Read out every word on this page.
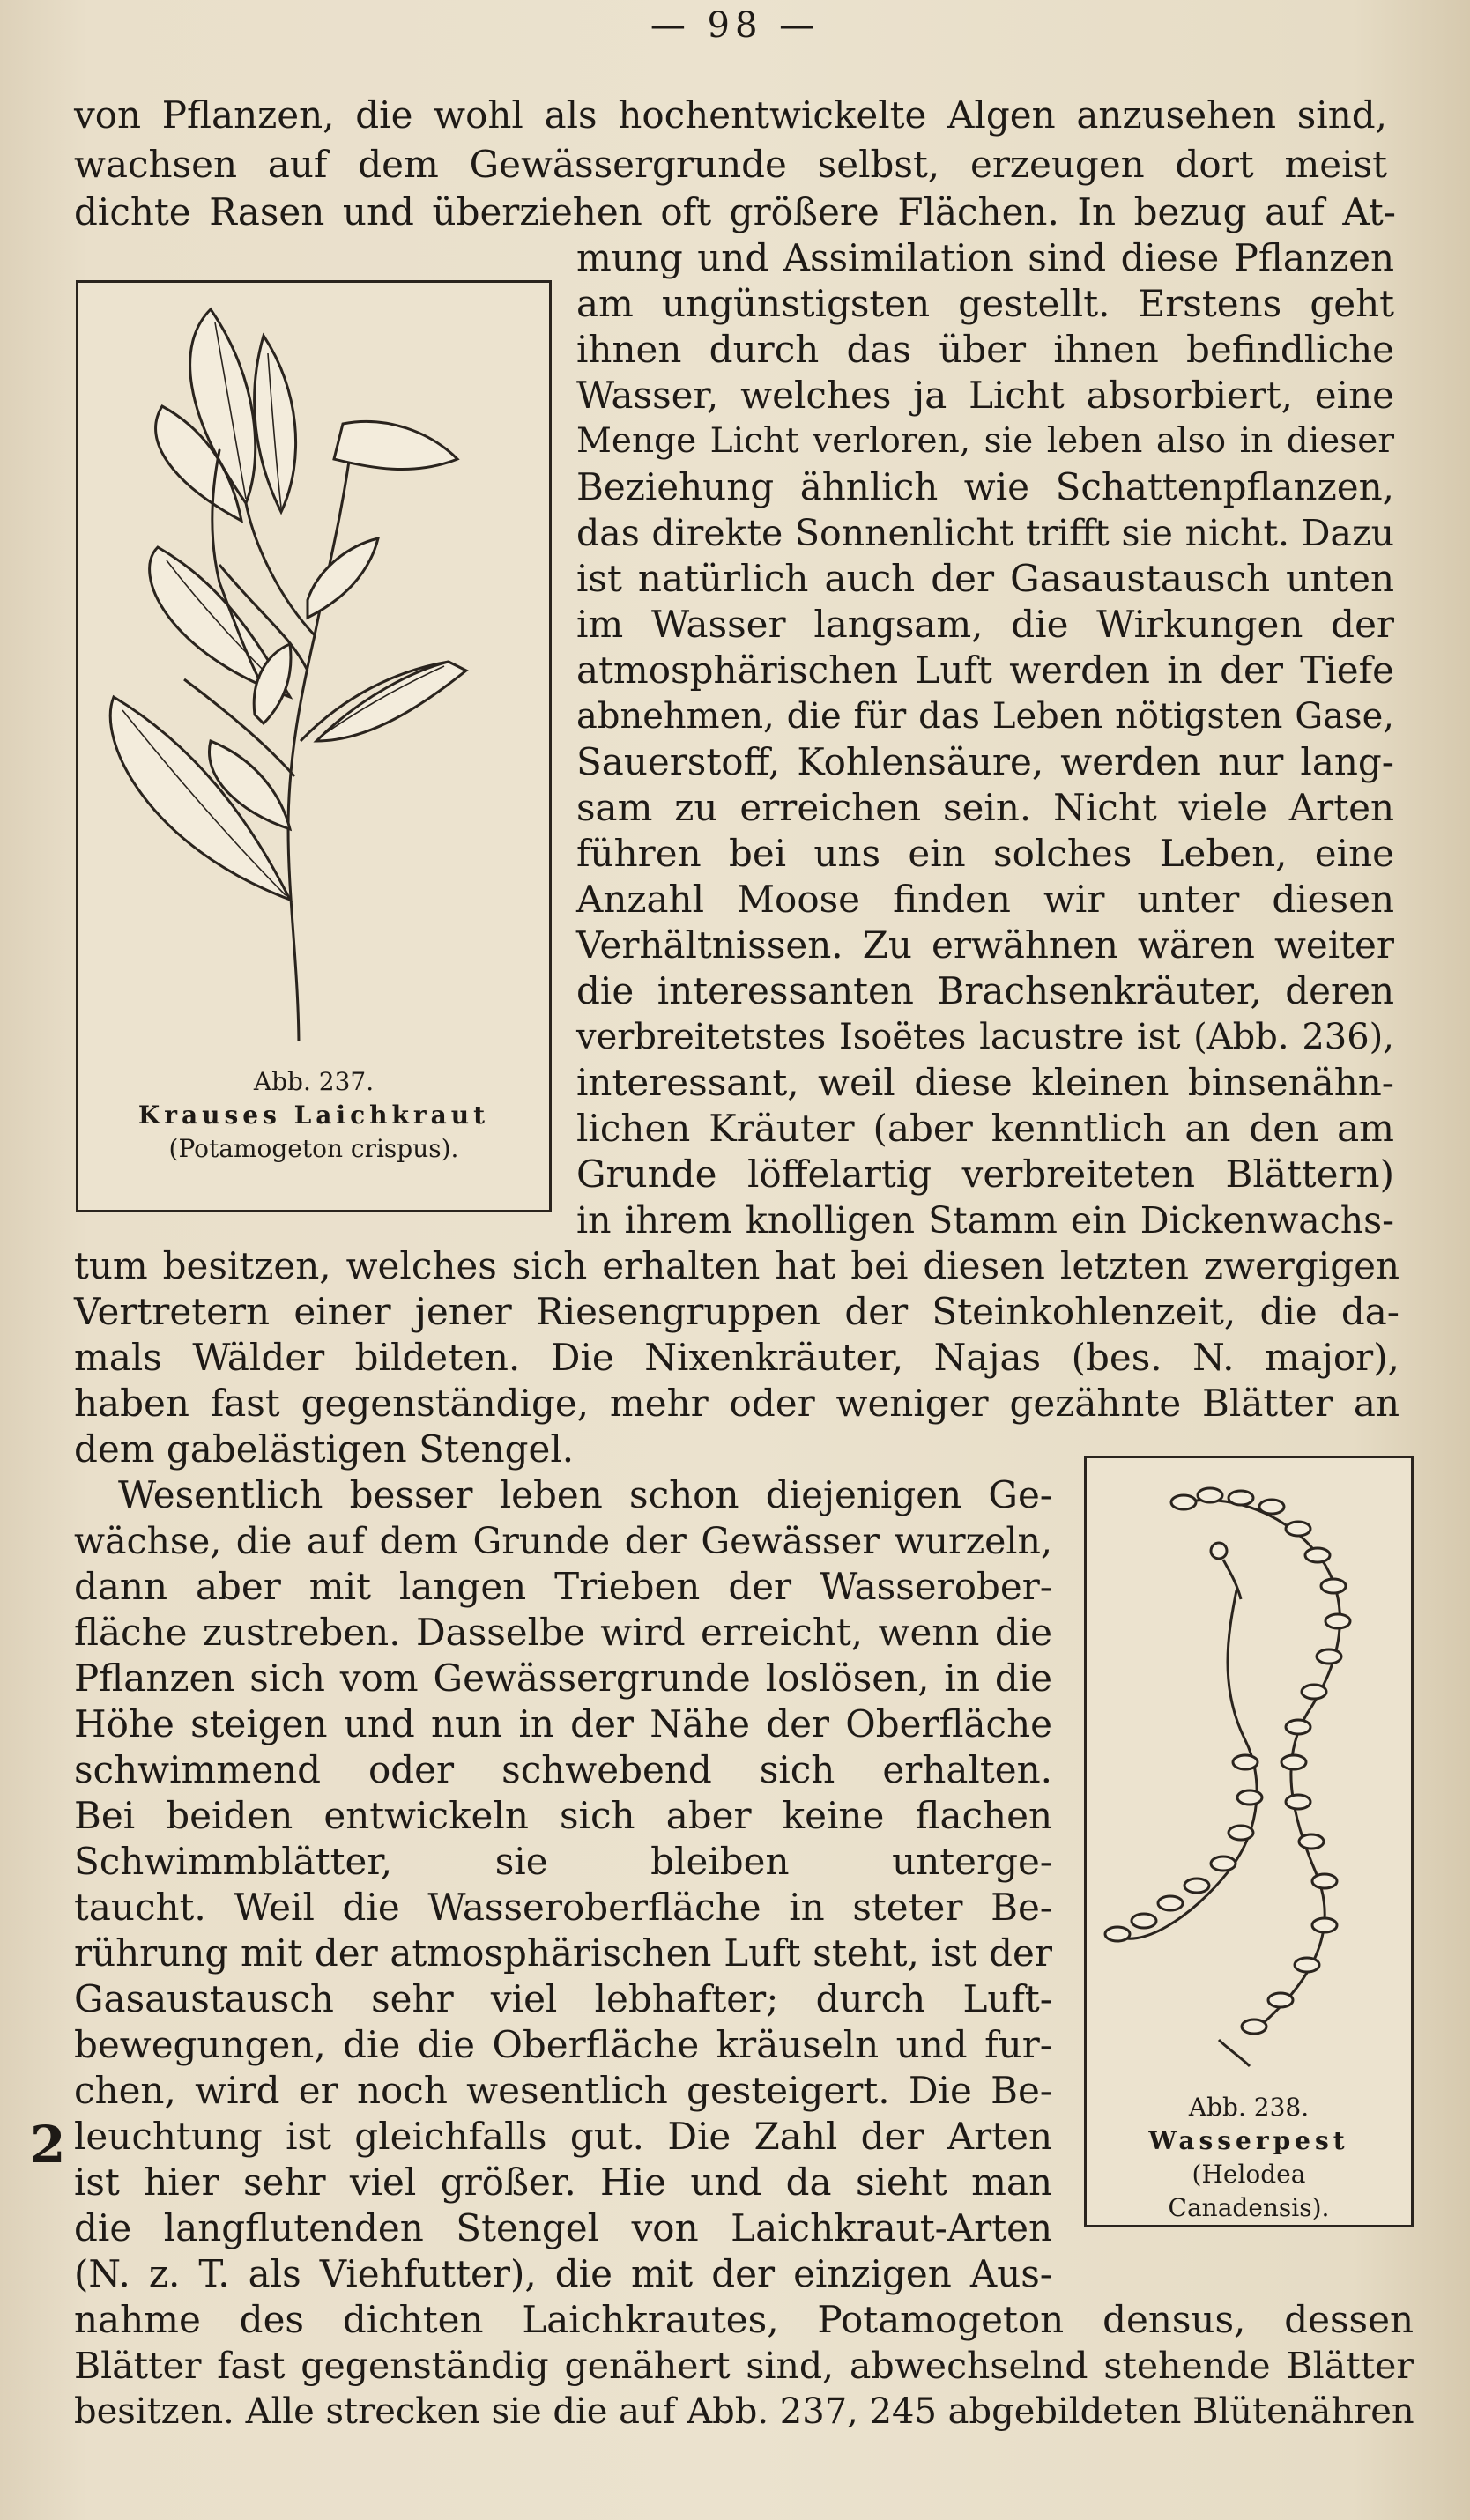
— 98 —
Abb. 237.
Krauses Laichkraut
(Potamogeton crispus).
Abb. 238.
Wasserpest
(Helodea
Canadensis).
2
von Pflanzen, die wohl als hochentwickelte Algen anzusehen sind,
wachsen auf dem Gewässergrunde selbst, erzeugen dort meist
dichte Rasen und überziehen oft größere Flächen. In bezug auf At-
mung und Assimilation sind diese Pflanzen
am ungünstigsten gestellt. Erstens geht
ihnen durch das über ihnen befindliche
Wasser, welches ja Licht absorbiert, eine
Menge Licht verloren, sie leben also in dieser
Beziehung ähnlich wie Schattenpflanzen,
das direkte Sonnenlicht trifft sie nicht. Dazu
ist natürlich auch der Gasaustausch unten
im Wasser langsam, die Wirkungen der
atmosphärischen Luft werden in der Tiefe
abnehmen, die für das Leben nötigsten Gase,
Sauerstoff, Kohlensäure, werden nur lang-
sam zu erreichen sein. Nicht viele Arten
führen bei uns ein solches Leben, eine
Anzahl Moose finden wir unter diesen
Verhältnissen. Zu erwähnen wären weiter
die interessanten Brachsenkräuter, deren
verbreitetstes Isoëtes lacustre ist (Abb. 236),
interessant, weil diese kleinen binsenähn-
lichen Kräuter (aber kenntlich an den am
Grunde löffelartig verbreiteten Blättern)
in ihrem knolligen Stamm ein Dickenwachs-
tum besitzen, welches sich erhalten hat bei diesen letzten zwergigen
Vertretern einer jener Riesengruppen der Steinkohlenzeit, die da-
mals Wälder bildeten. Die Nixenkräuter, Najas (bes. N. major),
haben fast gegenständige, mehr oder weniger gezähnte Blätter an
dem gabelästigen Stengel.
Wesentlich besser leben schon diejenigen Ge-
wächse, die auf dem Grunde der Gewässer wurzeln,
dann aber mit langen Trieben der Wasserober-
fläche zustreben. Dasselbe wird erreicht, wenn die
Pflanzen sich vom Gewässergrunde loslösen, in die
Höhe steigen und nun in der Nähe der Oberfläche
schwimmend oder schwebend sich erhalten.
Bei beiden entwickeln sich aber keine flachen
Schwimmblätter, sie bleiben unterge-
taucht. Weil die Wasseroberfläche in steter Be-
rührung mit der atmosphärischen Luft steht, ist der
Gasaustausch sehr viel lebhafter; durch Luft-
bewegungen, die die Oberfläche kräuseln und fur-
chen, wird er noch wesentlich gesteigert. Die Be-
leuchtung ist gleichfalls gut. Die Zahl der Arten
ist hier sehr viel größer. Hie und da sieht man
die langflutenden Stengel von Laichkraut-Arten
(N. z. T. als Viehfutter), die mit der einzigen Aus-
nahme des dichten Laichkrautes, Potamogeton densus, dessen
Blätter fast gegenständig genähert sind, abwechselnd stehende Blätter
besitzen. Alle strecken sie die auf Abb. 237, 245 abgebildeten Blütenähren
